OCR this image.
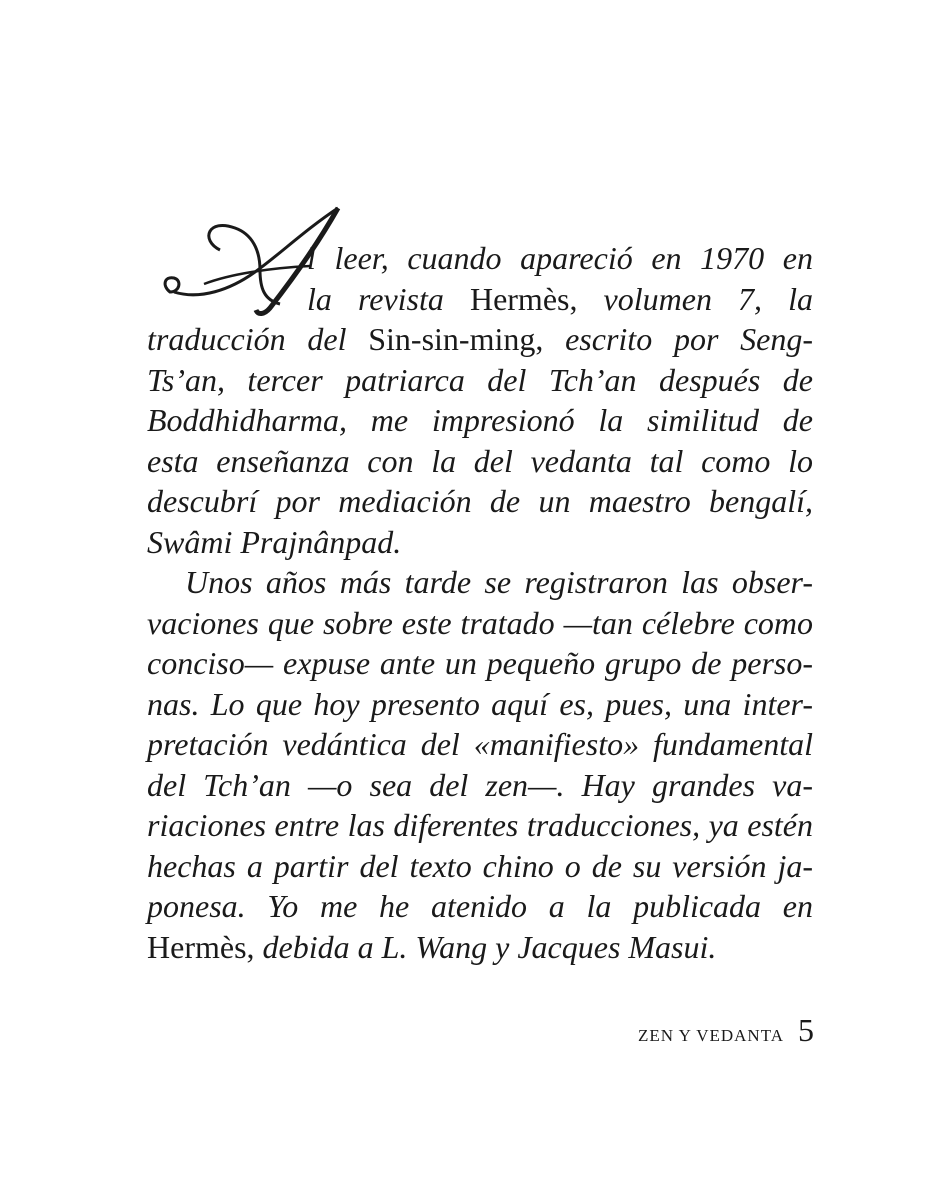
l leer, cuando apareció en 1970 en
la revista Hermès, volumen 7, la
traducción del Sin-sin-ming, escrito por Seng-
Ts’an, tercer patriarca del Tch’an después de
Boddhidharma, me impresionó la similitud de
esta enseñanza con la del vedanta tal como lo
descubrí por mediación de un maestro bengalí,
Swâmi Prajnânpad.
Unos años más tarde se registraron las obser-
vaciones que sobre este tratado —tan célebre como
conciso— expuse ante un pequeño grupo de perso-
nas. Lo que hoy presento aquí es, pues, una inter-
pretación vedántica del «manifiesto» fundamental
del Tch’an —o sea del zen—. Hay grandes va-
riaciones entre las diferentes traducciones, ya estén
hechas a partir del texto chino o de su versión ja-
ponesa. Yo me he atenido a la publicada en
Hermès, debida a L. Wang y Jacques Masui.
ZEN Y VEDANTA 5
